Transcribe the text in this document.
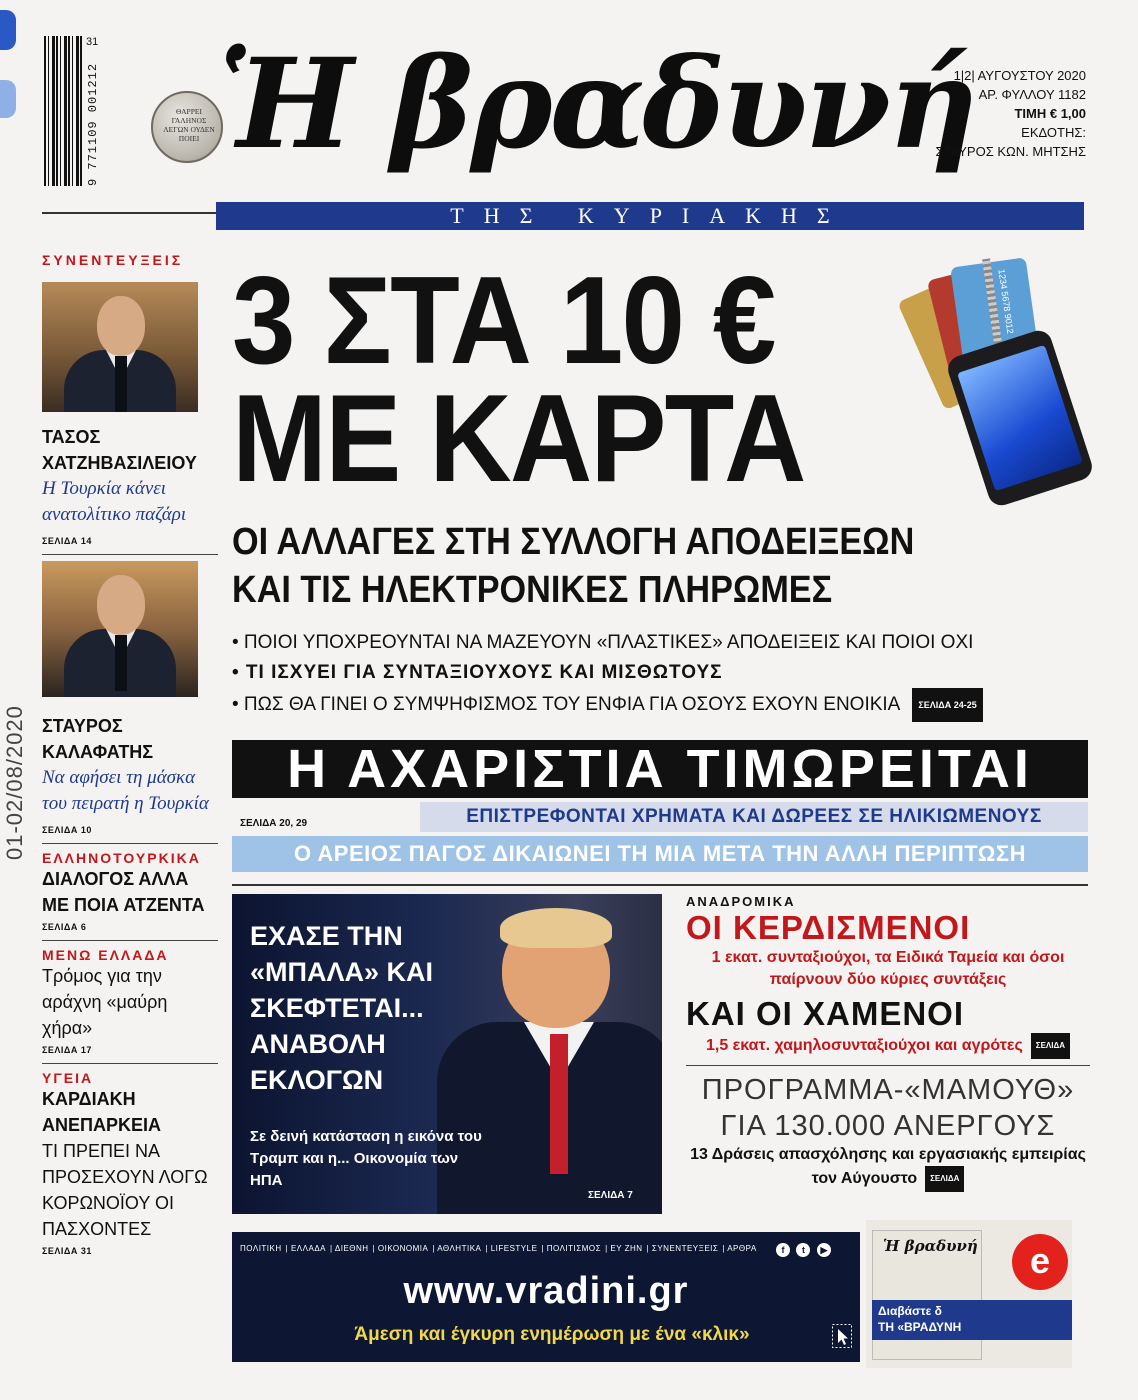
9 771109 001212
31
ΘΑΡΡΕΙ ΓΑΛΗΝΟΣ ΛΕΓΩΝ ΟΥΔΕΝ ΠΟΙΕΙ Ἡ βραδυνή
1|2| ΑΥΓΟΥΣΤΟΥ 2020
ΑΡ. ΦΥΛΛΟΥ 1182
ΤΙΜΗ € 1,00
ΕΚΔΟΤΗΣ:
ΣΤΑΥΡΟΣ ΚΩΝ. ΜΗΤΣΗΣ
ΤΗΣ ΚΥΡΙΑΚΗΣ
01-02/08/2020
ΣΥΝΕΝΤΕΥΞΕΙΣ
ΤΑΣΟΣ
ΧΑΤΖΗΒΑΣΙΛΕΙΟΥ
Η Τουρκία κάνει ανατολίτικο παζάρι
ΣΕΛΙΔΑ 14
ΣΤΑΥΡΟΣ
ΚΑΛΑΦΑΤΗΣ
Να αφήσει τη μάσκα του πειρατή η Τουρκία
ΣΕΛΙΔΑ 10
ΕΛΛΗΝΟΤΟΥΡΚΙΚΑ
ΔΙΑΛΟΓΟΣ ΑΛΛΑ ΜΕ ΠΟΙΑ ΑΤΖΕΝΤΑ
ΣΕΛΙΔΑ 6
ΜΕΝΩ ΕΛΛΑΔΑ
Τρόμος για την αράχνη «μαύρη χήρα»
ΣΕΛΙΔΑ 17
ΥΓΕΙΑ
ΚΑΡΔΙΑΚΗ ΑΝΕΠΑΡΚΕΙΑ
ΤΙ ΠΡΕΠΕΙ ΝΑ ΠΡΟΣΕΧΟΥΝ ΛΟΓΩ ΚΟΡΩΝΟΪΟΥ ΟΙ ΠΑΣΧΟΝΤΕΣ
ΣΕΛΙΔΑ 31
3 ΣΤΑ 10 €
ΜΕ ΚΑΡΤΑ
1234 5678 9012
ΟΙ ΑΛΛΑΓΕΣ ΣΤΗ ΣΥΛΛΟΓΗ ΑΠΟΔΕΙΞΕΩΝ
ΚΑΙ ΤΙΣ ΗΛΕΚΤΡΟΝΙΚΕΣ ΠΛΗΡΩΜΕΣ
• ΠΟΙΟΙ ΥΠΟΧΡΕΟΥΝΤΑΙ ΝΑ ΜΑΖΕΥΟΥΝ «ΠΛΑΣΤΙΚΕΣ» ΑΠΟΔΕΙΞΕΙΣ ΚΑΙ ΠΟΙΟΙ ΟΧΙ
• ΤΙ ΙΣΧΥΕΙ ΓΙΑ ΣΥΝΤΑΞΙΟΥΧΟΥΣ ΚΑΙ ΜΙΣΘΩΤΟΥΣ
• ΠΩΣ ΘΑ ΓΙΝΕΙ Ο ΣΥΜΨΗΦΙΣΜΟΣ ΤΟΥ ΕΝΦΙΑ ΓΙΑ ΟΣΟΥΣ ΕΧΟΥΝ ΕΝΟΙΚΙΑ ΣΕΛΙΔΑ 24-25
Η ΑΧΑΡΙΣΤΙΑ ΤΙΜΩΡΕΙΤΑΙ
ΣΕΛΙΔΑ 20, 29	ΕΠΙΣΤΡΕΦΟΝΤΑΙ ΧΡΗΜΑΤΑ ΚΑΙ ΔΩΡΕΕΣ ΣΕ ΗΛΙΚΙΩΜΕΝΟΥΣ
Ο ΑΡΕΙΟΣ ΠΑΓΟΣ ΔΙΚΑΙΩΝΕΙ ΤΗ ΜΙΑ ΜΕΤΑ ΤΗΝ ΑΛΛΗ ΠΕΡΙΠΤΩΣΗ
ΕΧΑΣΕ ΤΗΝ «ΜΠΑΛΑ» ΚΑΙ ΣΚΕΦΤΕΤΑΙ... ΑΝΑΒΟΛΗ ΕΚΛΟΓΩΝ
Σε δεινή κατάσταση η εικόνα του Τραμπ και η... Οικονομία των ΗΠΑ
ΣΕΛΙΔΑ 7
ΑΝΑΔΡΟΜΙΚΑ
ΟΙ ΚΕΡΔΙΣΜΕΝΟΙ
1 εκατ. συνταξιούχοι, τα Ειδικά Ταμεία και όσοι παίρνουν δύο κύριες συντάξεις
ΚΑΙ ΟΙ ΧΑΜΕΝΟΙ
1,5 εκατ. χαμηλοσυνταξιούχοι και αγρότες ΣΕΛΙΔΑ
ΠΡΟΓΡΑΜΜΑ-«ΜΑΜΟΥΘ»
ΓΙΑ 130.000 ΑΝΕΡΓΟΥΣ
13 Δράσεις απασχόλησης και εργασιακής εμπειρίας τον Αύγουστο ΣΕΛΙΔΑ
ΠΟΛΙΤΙΚΗ | ΕΛΛΑΔΑ | ΔΙΕΘΝΗ | ΟΙΚΟΝΟΜΙΑ | ΑΘΛΗΤΙΚΑ | LIFESTYLE | ΠΟΛΙΤΙΣΜΟΣ | ΕΥ ΖΗΝ | ΣΥΝΕΝΤΕΥΞΕΙΣ | ΑΡΘΡΑ	f t ▶
www.vradini.gr
Άμεση και έγκυρη ενημέρωση με ένα «κλικ»
Ἡ βραδυνή	e
Διαβάστε δ
ΤΗ «ΒΡΑΔΥΝΗ
